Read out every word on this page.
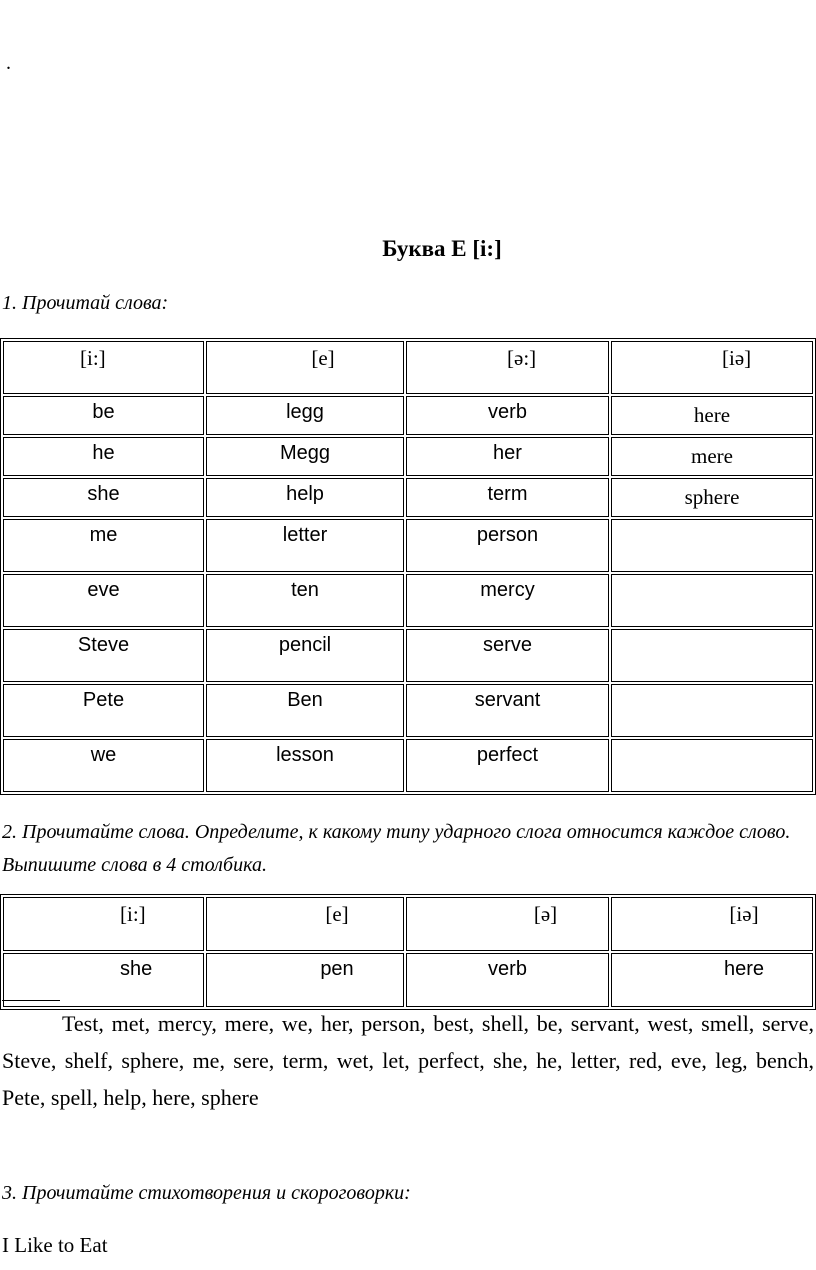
.
Буква E [i:]
1. Прочитай слова:
[i:]	[e]	[ə:]	[iə]
be	legg	verb	here
he	Megg	her	mere
she	help	term	sphere
me	letter	person	
eve	ten	mercy	
Steve	pencil	serve	
Pete	Ben	servant	
we	lesson	perfect	
2. Прочитайте слова. Определите, к какому типу ударного слога относится каждое слово. Выпишите слова в 4 столбика.
[i:]	[e]	[ə]	[iə]
she	pen	verb	here
Test, met, mercy, mere, we, her, person, best, shell, be, servant, west, smell, serve, Steve, shelf, sphere, me, sere, term, wet, let, perfect, she, he, letter, red, eve, leg, bench, Pete, spell, help, here, sphere
3. Прочитайте стихотворения и скороговорки:
I Like to Eat
